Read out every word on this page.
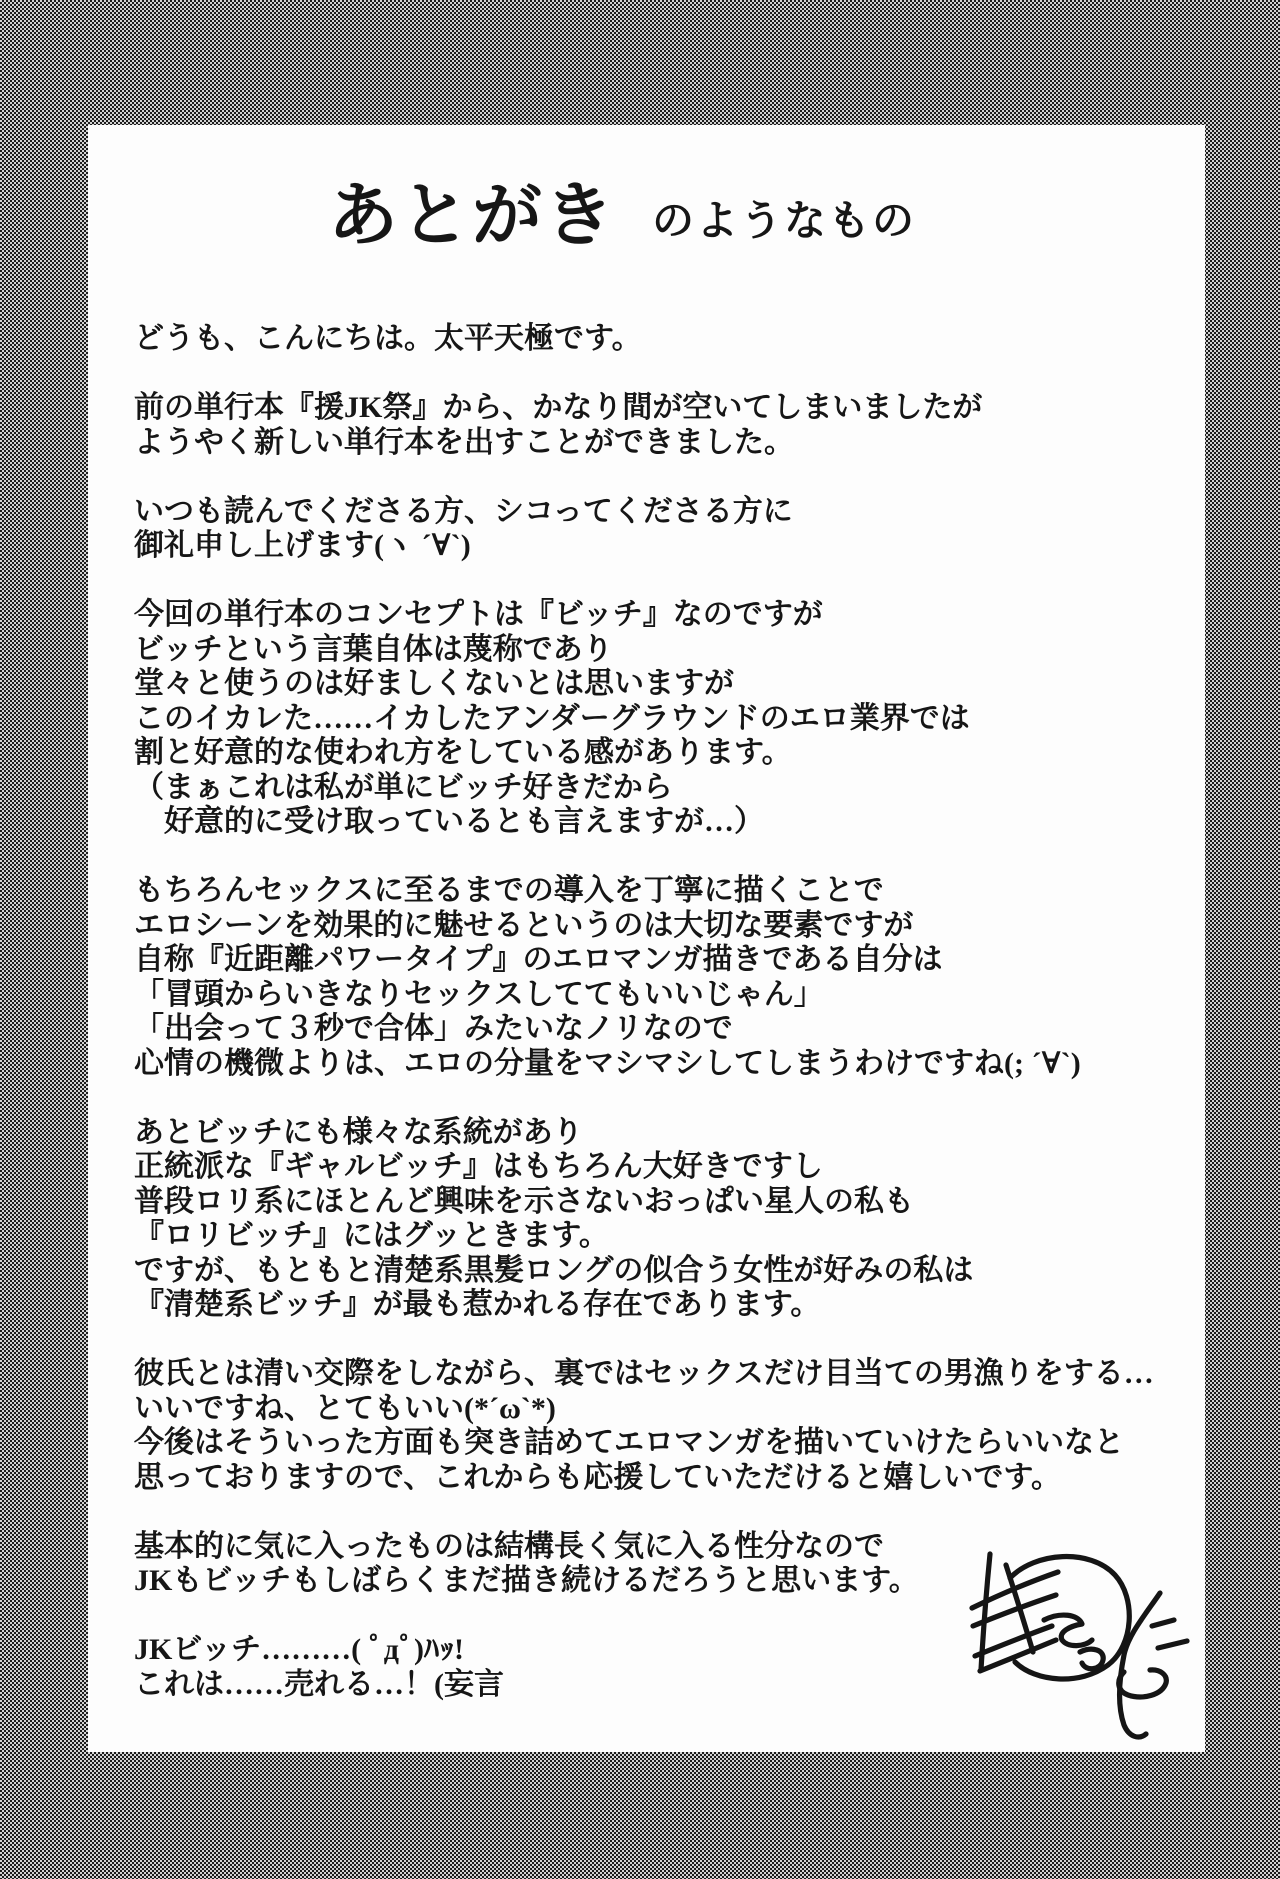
あとがき のようなもの
どうも、こんにちは。太平天極です。
前の単行本『援JK祭』から、かなり間が空いてしまいましたが
ようやく新しい単行本を出すことができました。
いつも読んでくださる方、シコってくださる方に
御礼申し上げます(ヽ ´∀`)
今回の単行本のコンセプトは『ビッチ』なのですが
ビッチという言葉自体は蔑称であり
堂々と使うのは好ましくないとは思いますが
このイカレた……イカしたアンダーグラウンドのエロ業界では
割と好意的な使われ方をしている感があります。
（まぁこれは私が単にビッチ好きだから
　好意的に受け取っているとも言えますが…）
もちろんセックスに至るまでの導入を丁寧に描くことで
エロシーンを効果的に魅せるというのは大切な要素ですが
自称『近距離パワータイプ』のエロマンガ描きである自分は
「冒頭からいきなりセックスしててもいいじゃん」
「出会って３秒で合体」みたいなノリなので
心情の機微よりは、エロの分量をマシマシしてしまうわけですね(; ´∀`)
あとビッチにも様々な系統があり
正統派な『ギャルビッチ』はもちろん大好きですし
普段ロリ系にほとんど興味を示さないおっぱい星人の私も
『ロリビッチ』にはグッときます。
ですが、もともと清楚系黒髪ロングの似合う女性が好みの私は
『清楚系ビッチ』が最も惹かれる存在であります。
彼氏とは清い交際をしながら、裏ではセックスだけ目当ての男漁りをする…
いいですね、とてもいい(*´ω`*)
今後はそういった方面も突き詰めてエロマンガを描いていけたらいいなと
思っておりますので、これからも応援していただけると嬉しいです。
基本的に気に入ったものは結構長く気に入る性分なので
JKもビッチもしばらくまだ描き続けるだろうと思います。
JKビッチ………( ﾟдﾟ)ﾊｯ!
これは……売れる…！(妄言
